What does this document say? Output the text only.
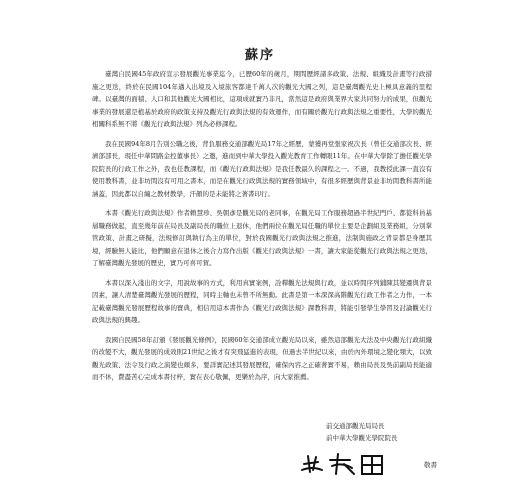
蘇序

臺灣自民國45年政府宣示發展觀光事業迄今，已歷60年的歲月，期間歷經諸多政策、法規、組織及計畫等行政措施之更迭，終於在民國104年邁入出境及入境旅客都達千萬人次的觀光大國之列，這是臺灣觀光史上極具意義的里程碑。以臺灣的面積、人口和其他觀光大國相比，這項成就實乃非凡，當然這是政府與業界大家共同努力的成果，但觀光事業的發展還是植基於政府的政策支持及觀光行政與法規的有效運作，而有關於觀光行政與法規之重要性，大學的觀光相關科系無不將《觀光行政與法規》列為必修課程。

我在民國94年8月告別公職之後，背負服務交通部觀光局17年之經歷，蒙獲再堂張家祝次長（曾任交通部次長、經濟部部長，現任中華問路金控董事長）之邀，進而到中華大學投入觀光教育工作轉眼11年。在中華大學除了擔任觀光學院院長的行政工作之外，我也任教課程，而《觀光行政與法規》是我任教最久的課程之一。不過，我教授此課一直沒有使用教科書，並非坊間沒有可用之書本，而是在觀光行政與法規的實務領域中，有很多經歷與背景並非坊間教科書所能涵蓋，因此都以自編之教材教學，汗顏的是未能將之著書印行。

本書《觀光行政與法規》作者賴慧珍、吳朝彥是觀光局的老同事，在觀光局工作服務超過半世紀門戶、都從科員基層職務做起，直至幾年前在局長及副局長的職位上退休，他們兩位在觀光局任職的單位主要是企劃組及業務組，分別掌管政策、計畫之研擬，法規修訂與執行為主的單位，對於我國觀光行政與法規之推進，法制與施政之背景都是身歷其境，經驗無人能比，他們願意在退休之後合力寫作出版《觀光行政與法規》一書，讓大家能從觀光行政與法規之更迭，了解臺灣觀光發展的歷史，實乃可喜可賀。

本書以深入淺出的文字，用說故事的方式，利用真實案例，詮釋觀光法規與行政，並以時間序列鋪陳其變遷與背景因素，讓人清楚臺灣觀光發展的歷程，同時主軸也未曾不所無動。此書是第一本深深高階觀光行政工作者之力作，一本記載臺灣觀光發展歷程故事的寶典，相信用這本書作為《觀光行政與法規》課教科書，將能引發學生學習及討論觀光行政與法規的興趣。

我國自民國58年訂頒《發展觀光條例》，民國60年交通部成立觀光局以來，雖然這部觀光大法及中央觀光行政組織的改變不大，觀光發展的成效則21世紀之後才有突飛猛進的表現，但過去半世紀以來，由於內外環境之變化頻大，以致觀光政策、法令及行政之演變也頗多，要詳實記述其發展歷程，確保內容之正確著實不易，賴由局長及吳前副局長能適而不休，費盡苦心完成本書付梓，實在表心敬佩，更樂於為序，向大家推薦。

前交通部觀光局局長
前中華大學觀光學院院長
敬書
